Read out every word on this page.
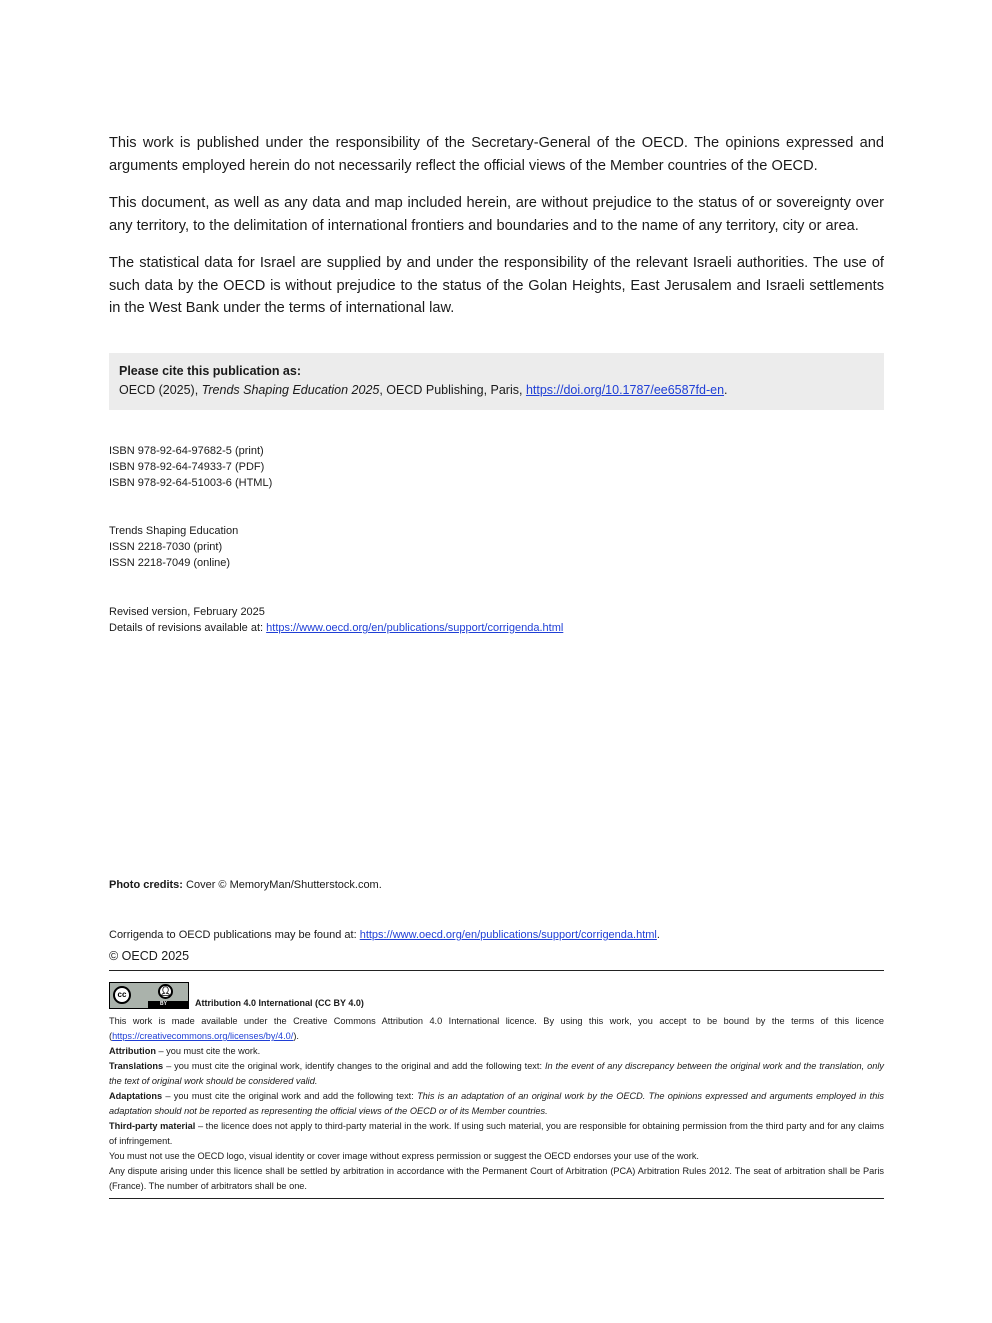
This work is published under the responsibility of the Secretary-General of the OECD. The opinions expressed and arguments employed herein do not necessarily reflect the official views of the Member countries of the OECD.

This document, as well as any data and map included herein, are without prejudice to the status of or sovereignty over any territory, to the delimitation of international frontiers and boundaries and to the name of any territory, city or area.

The statistical data for Israel are supplied by and under the responsibility of the relevant Israeli authorities. The use of such data by the OECD is without prejudice to the status of the Golan Heights, East Jerusalem and Israeli settlements in the West Bank under the terms of international law.

Please cite this publication as:
OECD (2025), Trends Shaping Education 2025, OECD Publishing, Paris, https://doi.org/10.1787/ee6587fd-en.

ISBN 978-92-64-97682-5 (print)

ISBN 978-92-64-74933-7 (PDF)

ISBN 978-92-64-51003-6 (HTML)

Trends Shaping Education

ISSN 2218-7030 (print)

ISSN 2218-7049 (online)

Revised version, February 2025

Details of revisions available at: https://www.oecd.org/en/publications/support/corrigenda.html

Photo credits: Cover © MemoryMan/Shutterstock.com.

Corrigenda to OECD publications may be found at: https://www.oecd.org/en/publications/support/corrigenda.html.

© OECD 2025

cc	👤︎
BY	Attribution 4.0 International (CC BY 4.0)

This work is made available under the Creative Commons Attribution 4.0 International licence. By using this work, you accept to be bound by the terms of this licence (https://creativecommons.org/licenses/by/4.0/).

Attribution – you must cite the work.

Translations – you must cite the original work, identify changes to the original and add the following text: In the event of any discrepancy between the original work and the translation, only the text of original work should be considered valid.

Adaptations – you must cite the original work and add the following text: This is an adaptation of an original work by the OECD. The opinions expressed and arguments employed in this adaptation should not be reported as representing the official views of the OECD or of its Member countries.

Third-party material – the licence does not apply to third-party material in the work. If using such material, you are responsible for obtaining permission from the third party and for any claims of infringement.

You must not use the OECD logo, visual identity or cover image without express permission or suggest the OECD endorses your use of the work.

Any dispute arising under this licence shall be settled by arbitration in accordance with the Permanent Court of Arbitration (PCA) Arbitration Rules 2012. The seat of arbitration shall be Paris (France). The number of arbitrators shall be one.
